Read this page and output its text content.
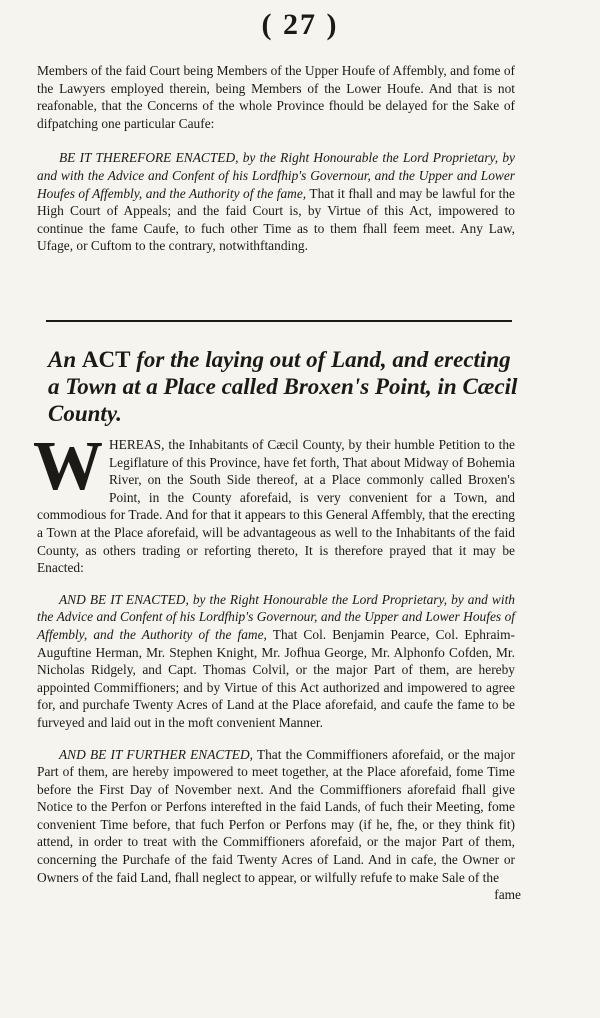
( 27 )

Members of the faid Court being Members of the Upper Houfe of Affembly, and fome of the Lawyers employed therein, being Members of the Lower Houfe. And that is not reafonable, that the Concerns of the whole Province fhould be delayed for the Sake of difpatching one particular Caufe:

BE IT THEREFORE ENACTED, by the Right Honourable the Lord Proprietary, by and with the Advice and Confent of his Lordfhip's Governour, and the Upper and Lower Houfes of Affembly, and the Authority of the fame, That it fhall and may be lawful for the High Court of Appeals; and the faid Court is, by Virtue of this Act, impowered to continue the fame Caufe, to fuch other Time as to them fhall feem meet. Any Law, Ufage, or Cuftom to the contrary, notwithftanding.

An ACT for the laying out of Land, and erecting a Town at a Place called Broxen's Point, in Cæcil County.

WHEREAS, the Inhabitants of Cæcil County, by their humble Petition to the Legiflature of this Province, have fet forth, That about Midway of Bohemia River, on the South Side thereof, at a Place commonly called Broxen's Point, in the County aforefaid, is very convenient for a Town, and commodious for Trade. And for that it appears to this General Affembly, that the erecting a Town at the Place aforefaid, will be advantageous as well to the Inhabitants of the faid County, as others trading or reforting thereto, It is therefore prayed that it may be Enacted:

AND BE IT ENACTED, by the Right Honourable the Lord Proprietary, by and with the Advice and Confent of his Lordfhip's Governour, and the Upper and Lower Houfes of Affembly, and the Authority of the fame, That Col. Benjamin Pearce, Col. Ephraim-Auguftine Herman, Mr. Stephen Knight, Mr. Jofhua George, Mr. Alphonfo Cofden, Mr. Nicholas Ridgely, and Capt. Thomas Colvil, or the major Part of them, are hereby appointed Commiffioners; and by Virtue of this Act authorized and impowered to agree for, and purchafe Twenty Acres of Land at the Place aforefaid, and caufe the fame to be furveyed and laid out in the moft convenient Manner.

AND BE IT FURTHER ENACTED, That the Commiffioners aforefaid, or the major Part of them, are hereby impowered to meet together, at the Place aforefaid, fome Time before the First Day of November next. And the Commiffioners aforefaid fhall give Notice to the Perfon or Perfons interefted in the faid Lands, of fuch their Meeting, fome convenient Time before, that fuch Perfon or Perfons may (if he, fhe, or they think fit) attend, in order to treat with the Commiffioners aforefaid, or the major Part of them, concerning the Purchafe of the faid Twenty Acres of Land. And in cafe, the Owner or Owners of the faid Land, fhall neglect to appear, or wilfully refufe to make Sale of the

fame
